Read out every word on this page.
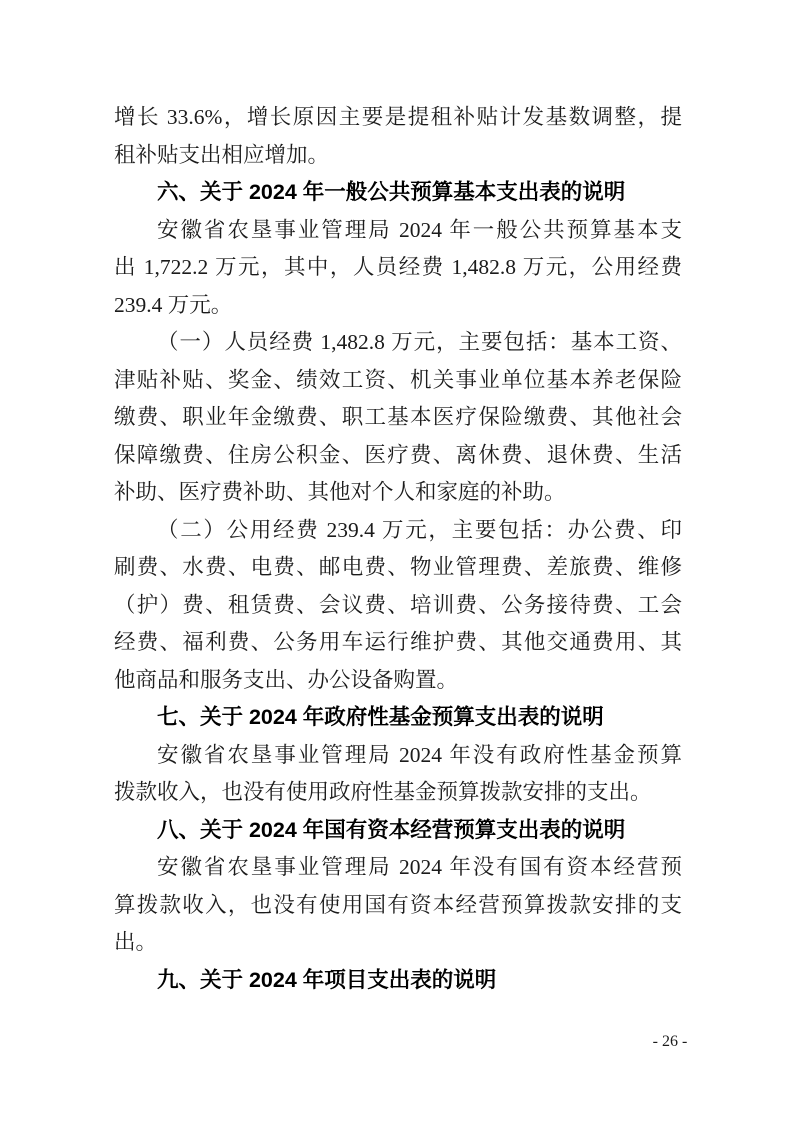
增长 33.6%，增长原因主要是提租补贴计发基数调整，提
租补贴支出相应增加。
六、关于 2024 年一般公共预算基本支出表的说明
安徽省农垦事业管理局 2024 年一般公共预算基本支
出 1,722.2 万元，其中，人员经费 1,482.8 万元，公用经费
239.4 万元。
（一）人员经费 1,482.8 万元，主要包括：基本工资、
津贴补贴、奖金、绩效工资、机关事业单位基本养老保险
缴费、职业年金缴费、职工基本医疗保险缴费、其他社会
保障缴费、住房公积金、医疗费、离休费、退休费、生活
补助、医疗费补助、其他对个人和家庭的补助。
（二）公用经费 239.4 万元，主要包括：办公费、印
刷费、水费、电费、邮电费、物业管理费、差旅费、维修
（护）费、租赁费、会议费、培训费、公务接待费、工会
经费、福利费、公务用车运行维护费、其他交通费用、其
他商品和服务支出、办公设备购置。
七、关于 2024 年政府性基金预算支出表的说明
安徽省农垦事业管理局 2024 年没有政府性基金预算
拨款收入，也没有使用政府性基金预算拨款安排的支出。
八、关于 2024 年国有资本经营预算支出表的说明
安徽省农垦事业管理局 2024 年没有国有资本经营预
算拨款收入，也没有使用国有资本经营预算拨款安排的支
出。
九、关于 2024 年项目支出表的说明
- 26 -
